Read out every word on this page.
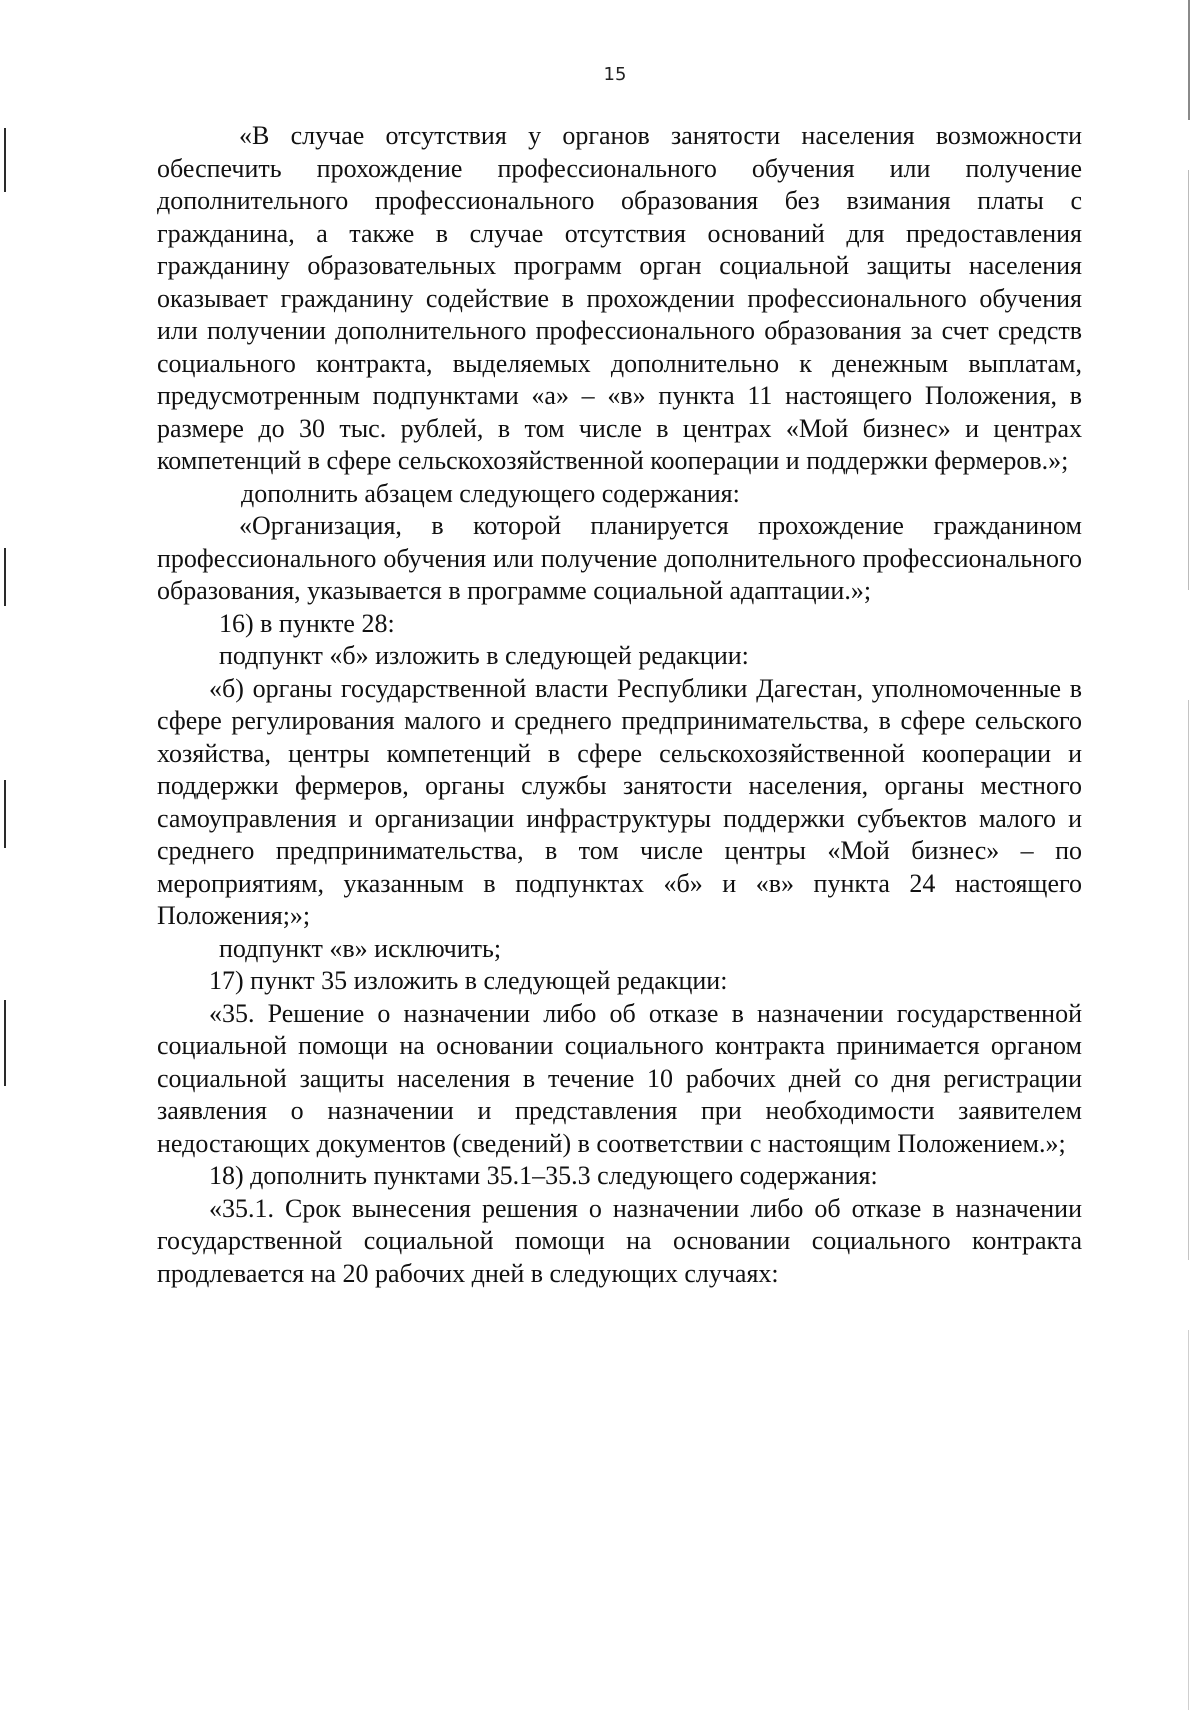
15

«В случае отсутствия у органов занятости населения возможности обеспечить прохождение профессионального обучения или получение дополнительного профессионального образования без взимания платы с гражданина, а также в случае отсутствия оснований для предоставления гражданину образовательных программ орган социальной защиты населения оказывает гражданину содействие в прохождении профессионального обучения или получении дополнительного профессионального образования за счет средств социального контракта, выделяемых дополнительно к денежным выплатам, предусмотренным подпунктами «а» – «в» пункта 11 настоящего Положения, в размере до 30 тыс. рублей, в том числе в центрах «Мой бизнес» и центрах компетенций в сфере сельскохозяйственной кооперации и поддержки фермеров.»;

дополнить абзацем следующего содержания:

«Организация, в которой планируется прохождение гражданином профессионального обучения или получение дополнительного профессионального образования, указывается в программе социальной адаптации.»;

16) в пункте 28:

подпункт «б» изложить в следующей редакции:

«б) органы государственной власти Республики Дагестан, уполномоченные в сфере регулирования малого и среднего предпринимательства, в сфере сельского хозяйства, центры компетенций в сфере сельскохозяйственной кооперации и поддержки фермеров, органы службы занятости населения, органы местного самоуправления и организации инфраструктуры поддержки субъектов малого и среднего предпринимательства, в том числе центры «Мой бизнес» – по мероприятиям, указанным в подпунктах «б» и «в» пункта 24 настоящего Положения;»;

подпункт «в» исключить;

17) пункт 35 изложить в следующей редакции:

«35. Решение о назначении либо об отказе в назначении государственной социальной помощи на основании социального контракта принимается органом социальной защиты населения в течение 10 рабочих дней со дня регистрации заявления о назначении и представления при необходимости заявителем недостающих документов (сведений) в соответствии с настоящим Положением.»;

18) дополнить пунктами 35.1–35.3 следующего содержания:

«35.1. Срок вынесения решения о назначении либо об отказе в назначении государственной социальной помощи на основании социального контракта продлевается на 20 рабочих дней в следующих случаях:
